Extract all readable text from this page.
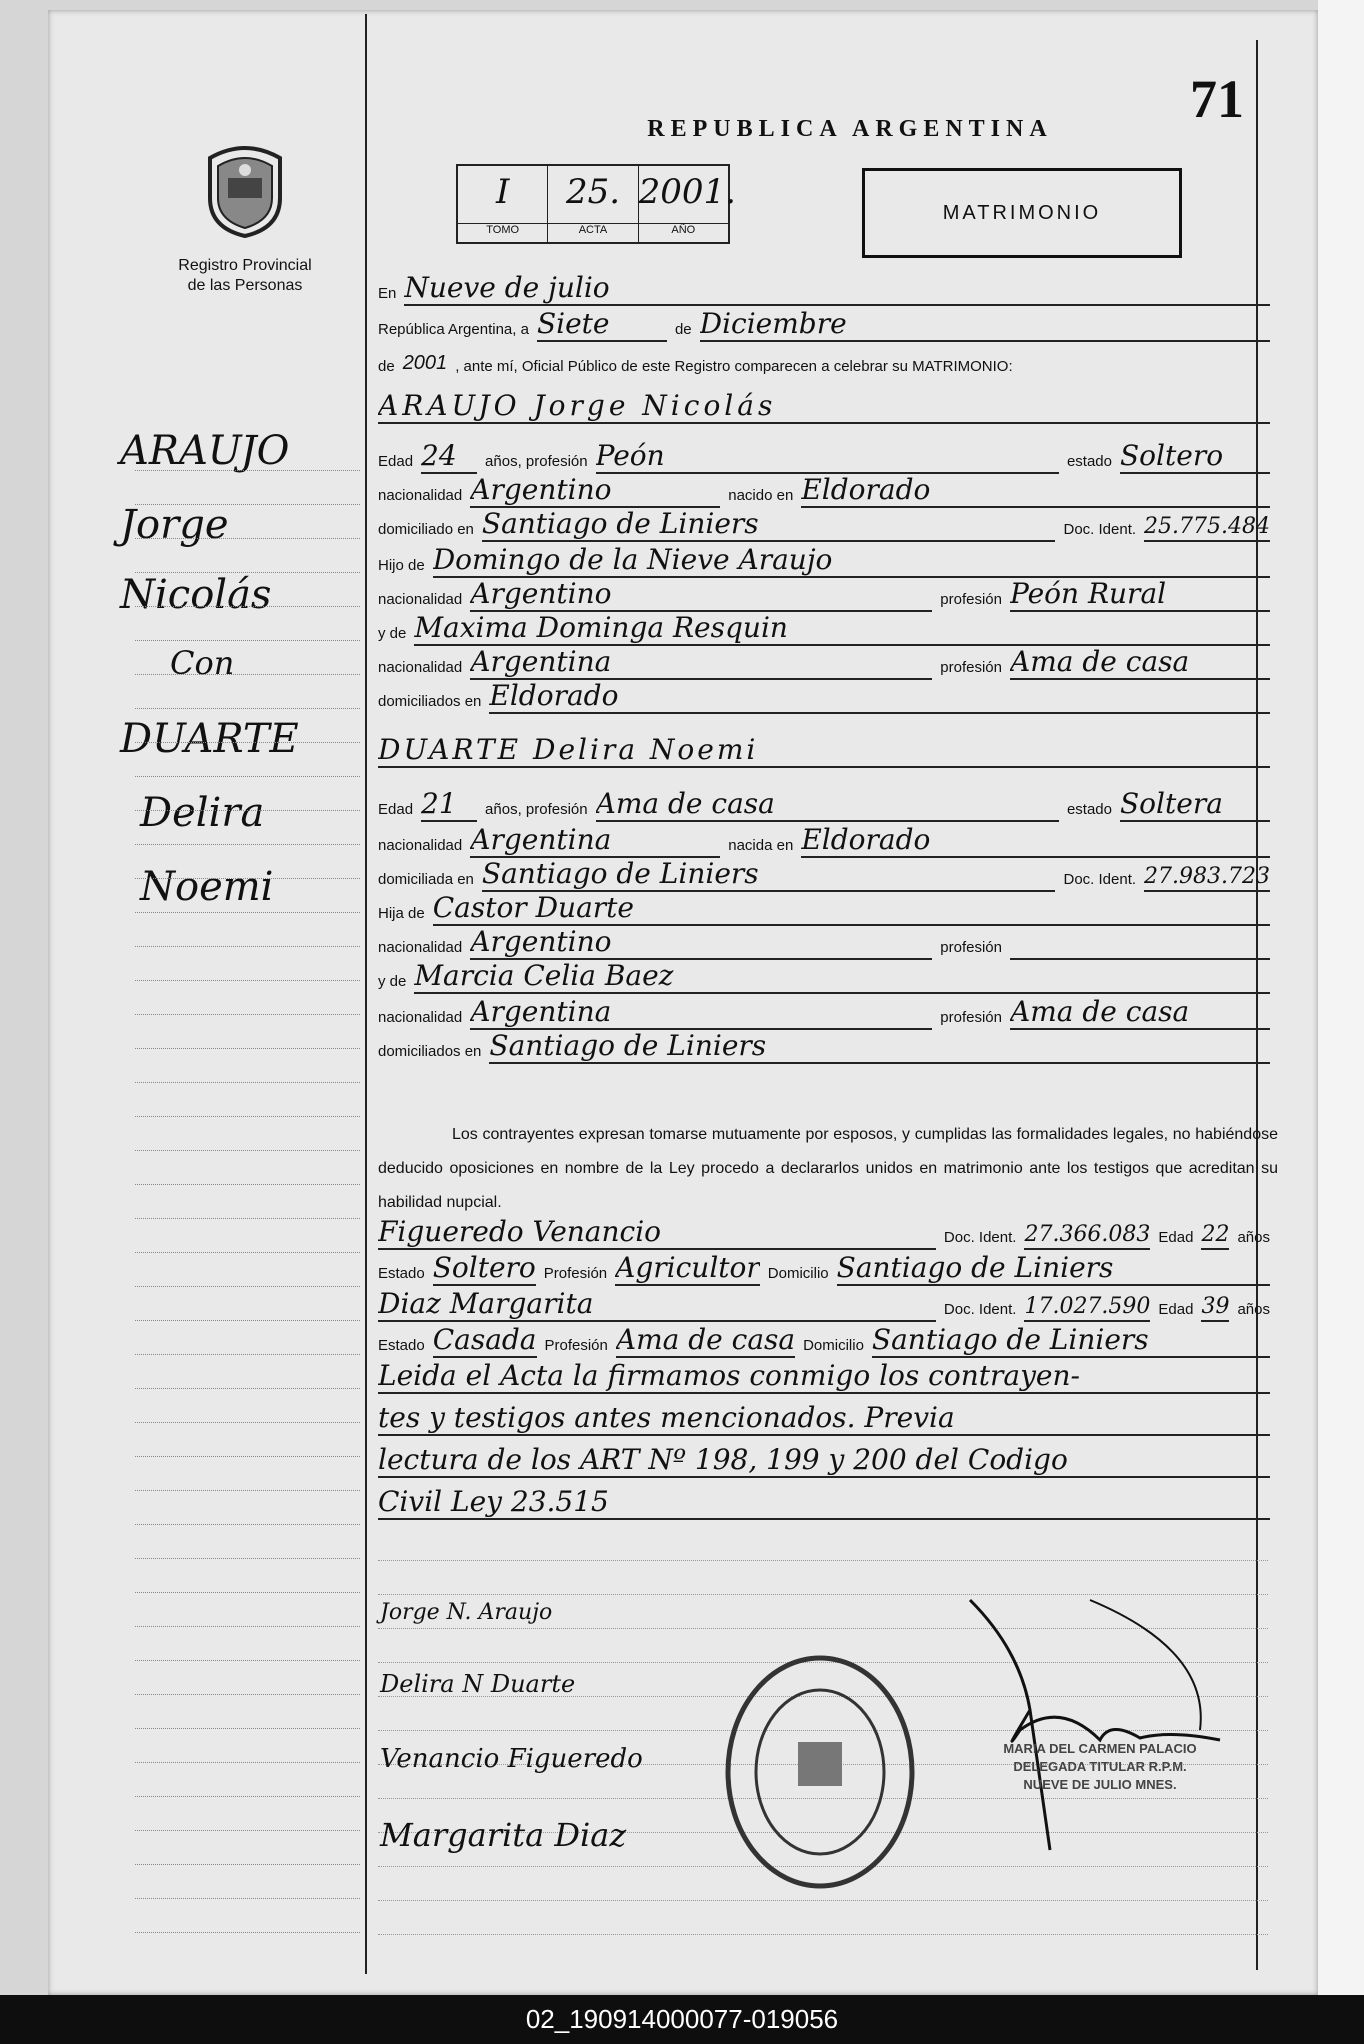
71
REPUBLICA ARGENTINA
Registro Provincial
de las Personas
I
TOMO
25.
ACTA
2001.
AÑO
MATRIMONIO
ARAUJO
Jorge
Nicolás
Con
DUARTE
Delira
Noemi
En Nueve de julio
República Argentina, a Siete	de Diciembre
de 2001 , ante mí, Oficial Público de este Registro comparecen a celebrar su MATRIMONIO:
ARAUJO Jorge Nicolás
Edad 24	años, profesión Peón	estado Soltero
nacionalidad Argentino	nacido en Eldorado
domiciliado en Santiago de Liniers	Doc. Ident. 25.775.484
Hijo de Domingo de la Nieve Araujo
nacionalidad Argentino	profesión Peón Rural
y de Maxima Dominga Resquin
nacionalidad Argentina	profesión Ama de casa
domiciliados en Eldorado
DUARTE Delira Noemi
Edad 21	años, profesión Ama de casa	estado Soltera
nacionalidad Argentina	nacida en Eldorado
domiciliada en Santiago de Liniers	Doc. Ident. 27.983.723
Hija de Castor Duarte
nacionalidad Argentino	profesión
y de Marcia Celia Baez
nacionalidad Argentina	profesión Ama de casa
domiciliados en Santiago de Liniers
Los contrayentes expresan tomarse mutuamente por esposos, y cumplidas las formalidades legales, no habiéndose deducido oposiciones en nombre de la Ley procedo a declararlos unidos en matrimonio ante los testigos que acreditan su habilidad nupcial.
Figueredo Venancio	Doc. Ident. 27.366.083 Edad 22 años
Estado Soltero Profesión Agricultor Domicilio Santiago de Liniers
Diaz Margarita	Doc. Ident. 17.027.590 Edad 39 años
Estado Casada Profesión Ama de casa Domicilio Santiago de Liniers
Leida el Acta la firmamos conmigo los contrayen-
tes y testigos antes mencionados. Previa
lectura de los ART Nº 198, 199 y 200 del Codigo
Civil Ley 23.515
Jorge N. Araujo
Delira N Duarte
Venancio Figueredo
Margarita Diaz
MARIA DEL CARMEN PALACIO
DELEGADA TITULAR R.P.M.
NUEVE DE JULIO MNES.
02_190914000077-019056
